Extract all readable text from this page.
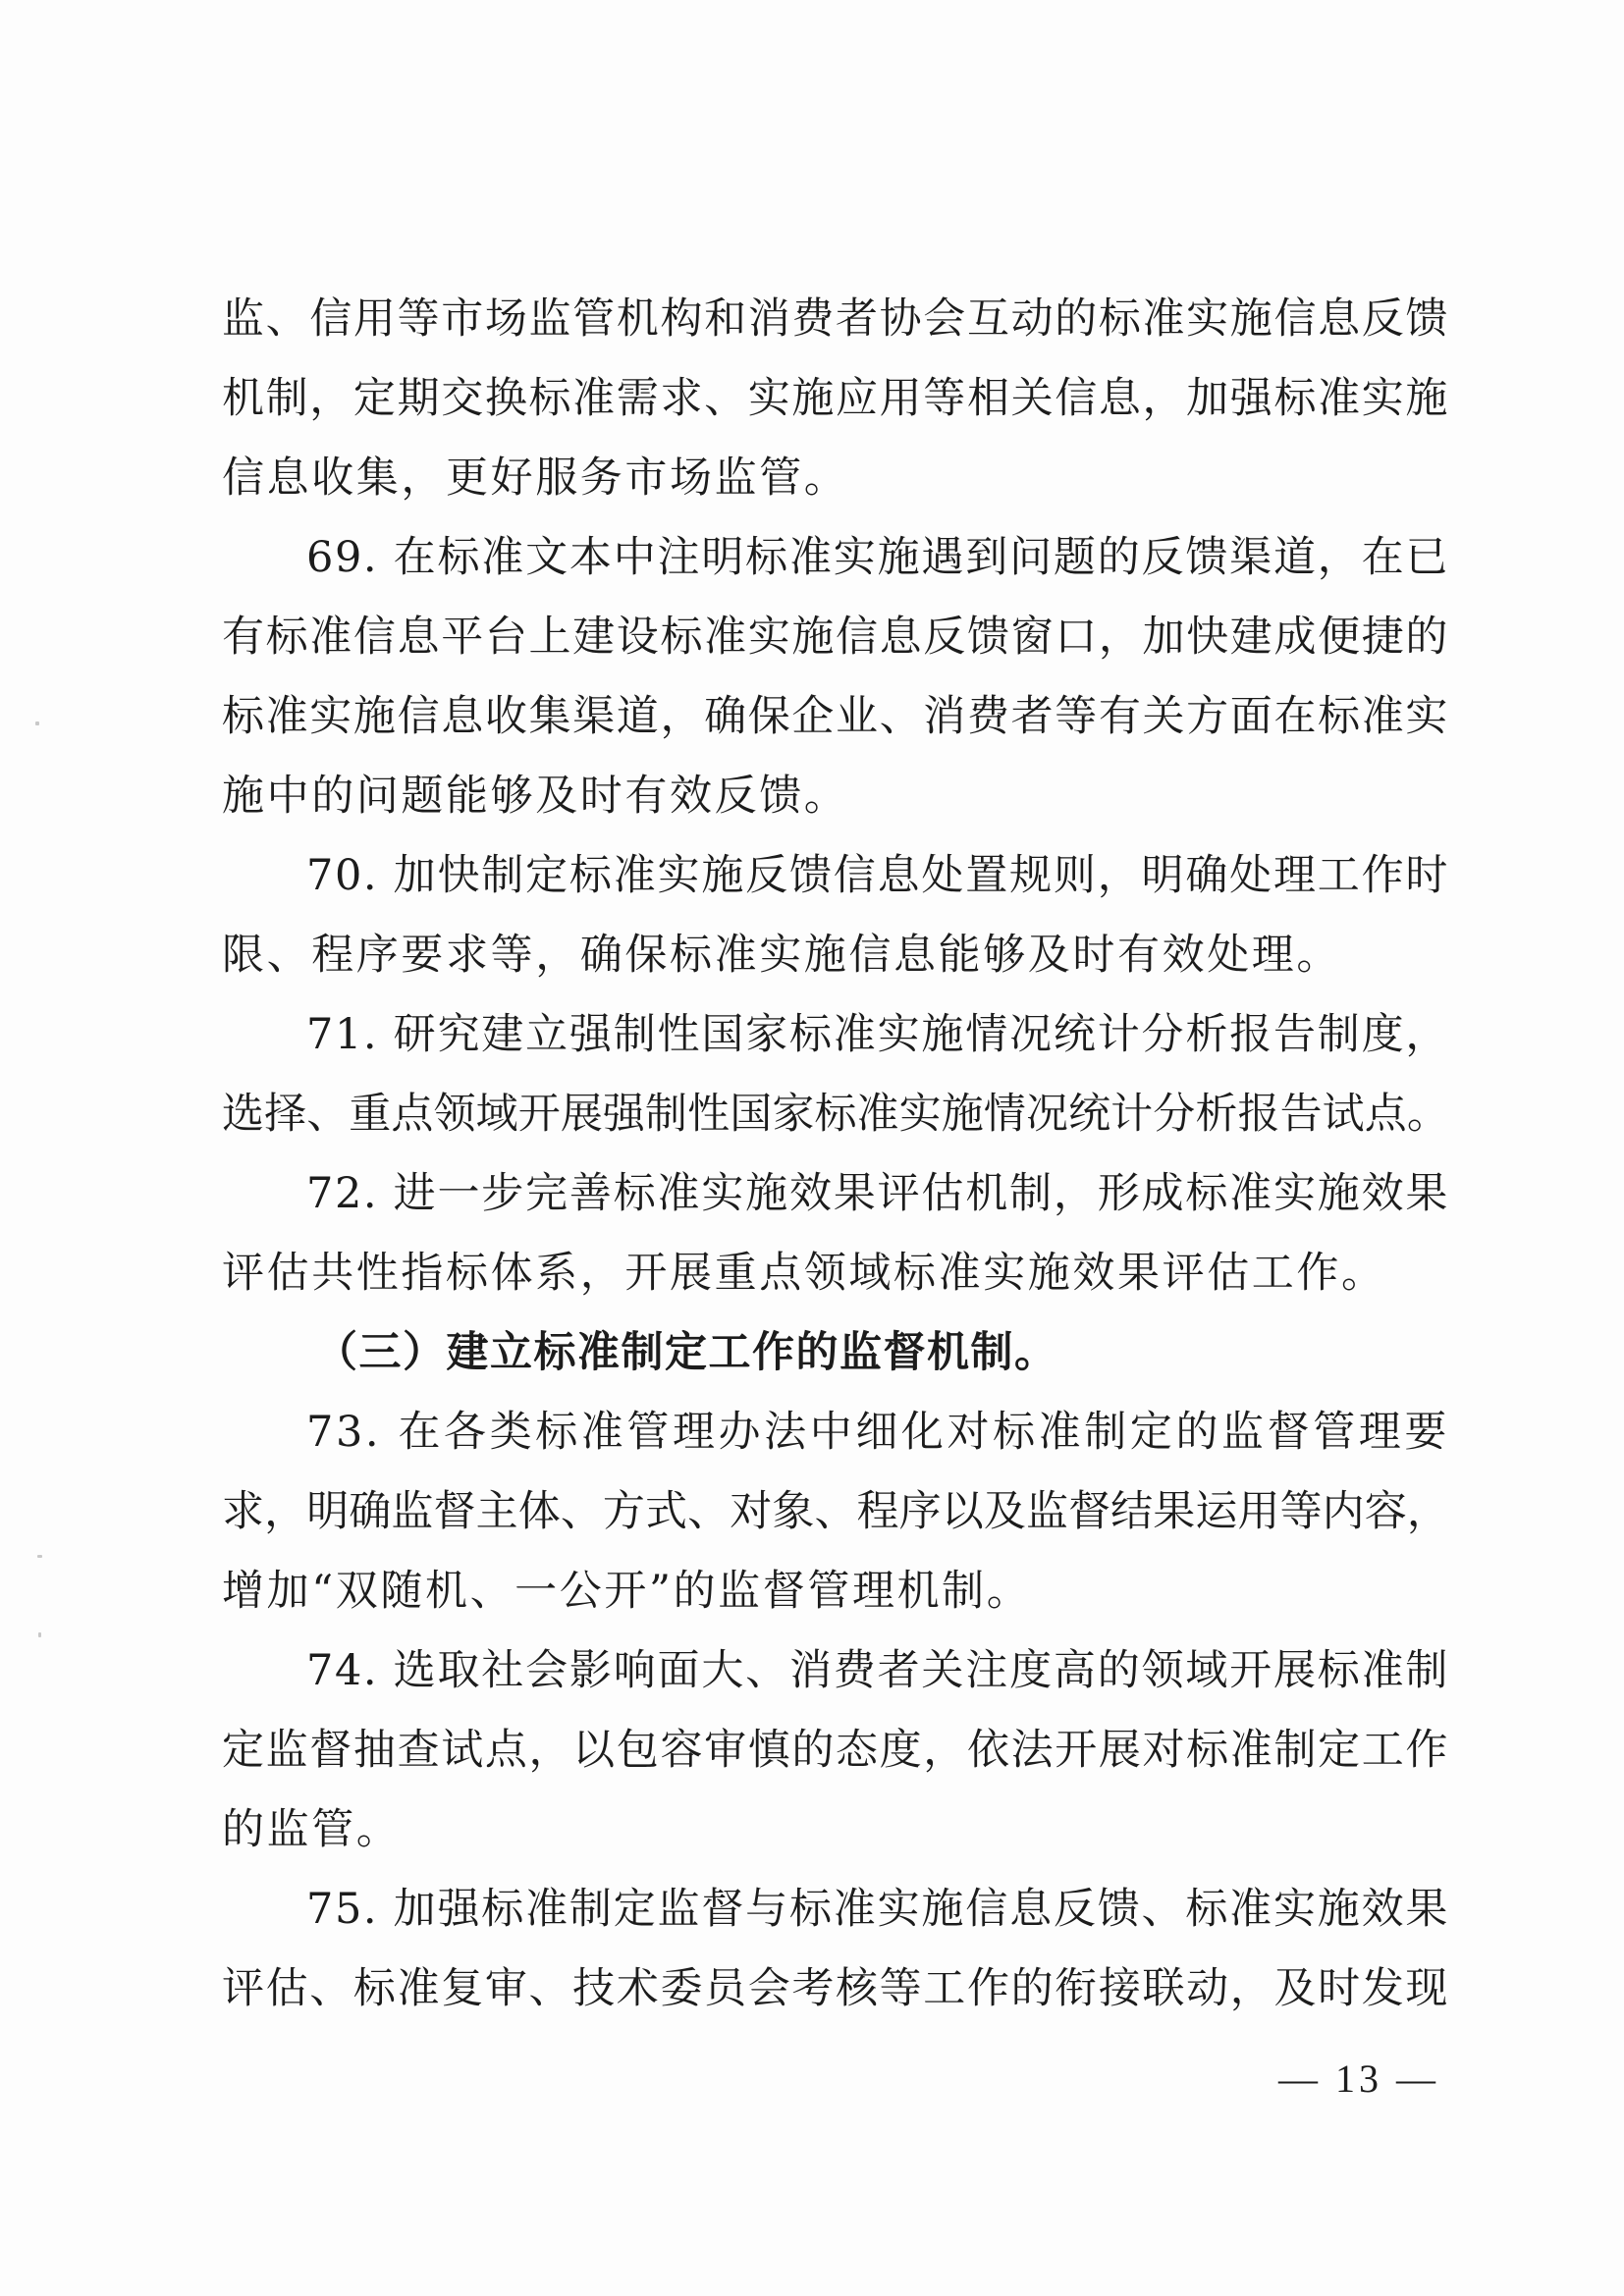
监、信用等市场监管机构和消费者协会互动的标准实施信息反馈
机制，定期交换标准需求、实施应用等相关信息，加强标准实施
信息收集，更好服务市场监管。
69. 在标准文本中注明标准实施遇到问题的反馈渠道，在已
有标准信息平台上建设标准实施信息反馈窗口，加快建成便捷的
标准实施信息收集渠道，确保企业、消费者等有关方面在标准实
施中的问题能够及时有效反馈。
70. 加快制定标准实施反馈信息处置规则，明确处理工作时
限、程序要求等，确保标准实施信息能够及时有效处理。
71. 研究建立强制性国家标准实施情况统计分析报告制度，
选择、重点领域开展强制性国家标准实施情况统计分析报告试点。
72. 进一步完善标准实施效果评估机制，形成标准实施效果
评估共性指标体系，开展重点领域标准实施效果评估工作。
（三）建立标准制定工作的监督机制。
73. 在各类标准管理办法中细化对标准制定的监督管理要
求，明确监督主体、方式、对象、程序以及监督结果运用等内容，
增加“双随机、一公开”的监督管理机制。
74. 选取社会影响面大、消费者关注度高的领域开展标准制
定监督抽查试点，以包容审慎的态度，依法开展对标准制定工作
的监管。
75. 加强标准制定监督与标准实施信息反馈、标准实施效果
评估、标准复审、技术委员会考核等工作的衔接联动，及时发现
— 13 —
